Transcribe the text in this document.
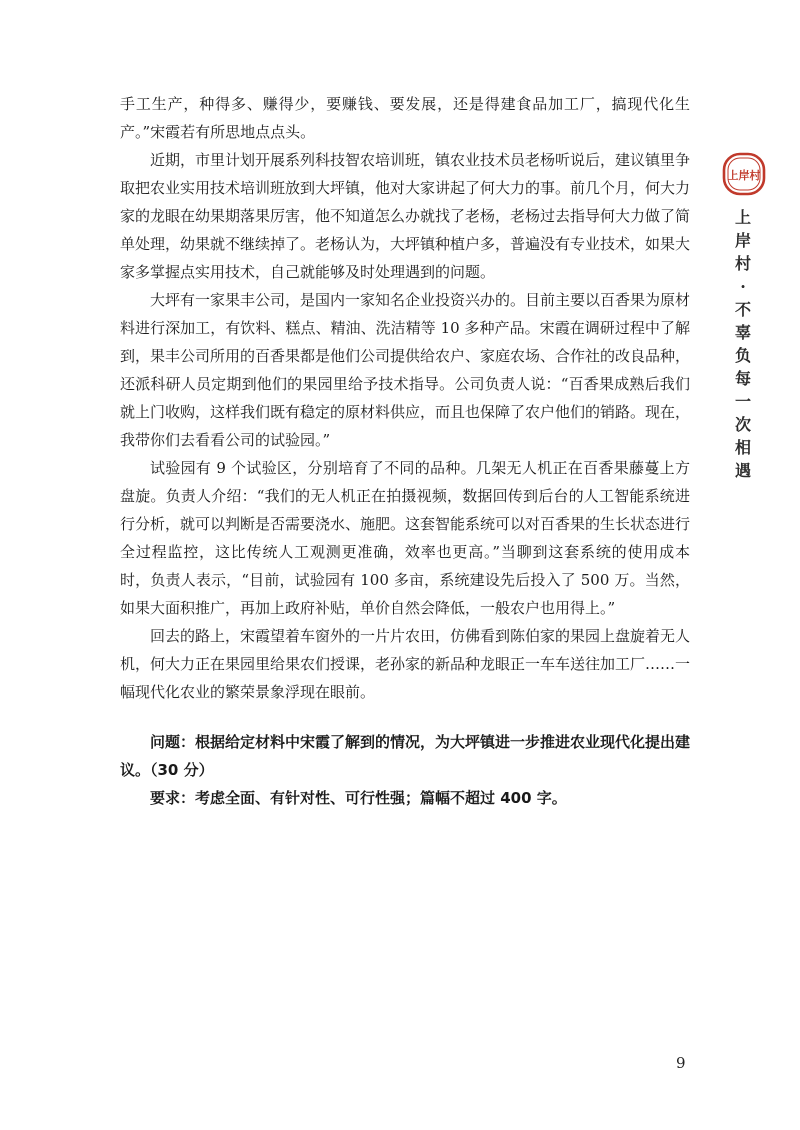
手工生产，种得多、赚得少，要赚钱、要发展，还是得建食品加工厂，搞现代化生产。”宋霞若有所思地点点头。

近期，市里计划开展系列科技智农培训班，镇农业技术员老杨听说后，建议镇里争取把农业实用技术培训班放到大坪镇，他对大家讲起了何大力的事。前几个月，何大力家的龙眼在幼果期落果厉害，他不知道怎么办就找了老杨，老杨过去指导何大力做了简单处理，幼果就不继续掉了。老杨认为，大坪镇种植户多，普遍没有专业技术，如果大家多掌握点实用技术，自己就能够及时处理遇到的问题。

大坪有一家果丰公司，是国内一家知名企业投资兴办的。目前主要以百香果为原材料进行深加工，有饮料、糕点、精油、洗洁精等 10 多种产品。宋霞在调研过程中了解到，果丰公司所用的百香果都是他们公司提供给农户、家庭农场、合作社的改良品种，还派科研人员定期到他们的果园里给予技术指导。公司负责人说：“百香果成熟后我们就上门收购，这样我们既有稳定的原材料供应，而且也保障了农户他们的销路。现在，我带你们去看看公司的试验园。”

试验园有 9 个试验区，分别培育了不同的品种。几架无人机正在百香果藤蔓上方盘旋。负责人介绍：“我们的无人机正在拍摄视频，数据回传到后台的人工智能系统进行分析，就可以判断是否需要浇水、施肥。这套智能系统可以对百香果的生长状态进行全过程监控，这比传统人工观测更准确，效率也更高。”当聊到这套系统的使用成本时，负责人表示，“目前，试验园有 100 多亩，系统建设先后投入了 500 万。当然，如果大面积推广，再加上政府补贴，单价自然会降低，一般农户也用得上。”

回去的路上，宋霞望着车窗外的一片片农田，仿佛看到陈伯家的果园上盘旋着无人机，何大力正在果园里给果农们授课，老孙家的新品种龙眼正一车车送往加工厂……一幅现代化农业的繁荣景象浮现在眼前。

问题：根据给定材料中宋霞了解到的情况，为大坪镇进一步推进农业现代化提出建议。（30 分）

要求：考虑全面、有针对性、可行性强；篇幅不超过 400 字。

上岸村
上
岸
村
·
不
辜
负
每
一
次
相
遇
9
